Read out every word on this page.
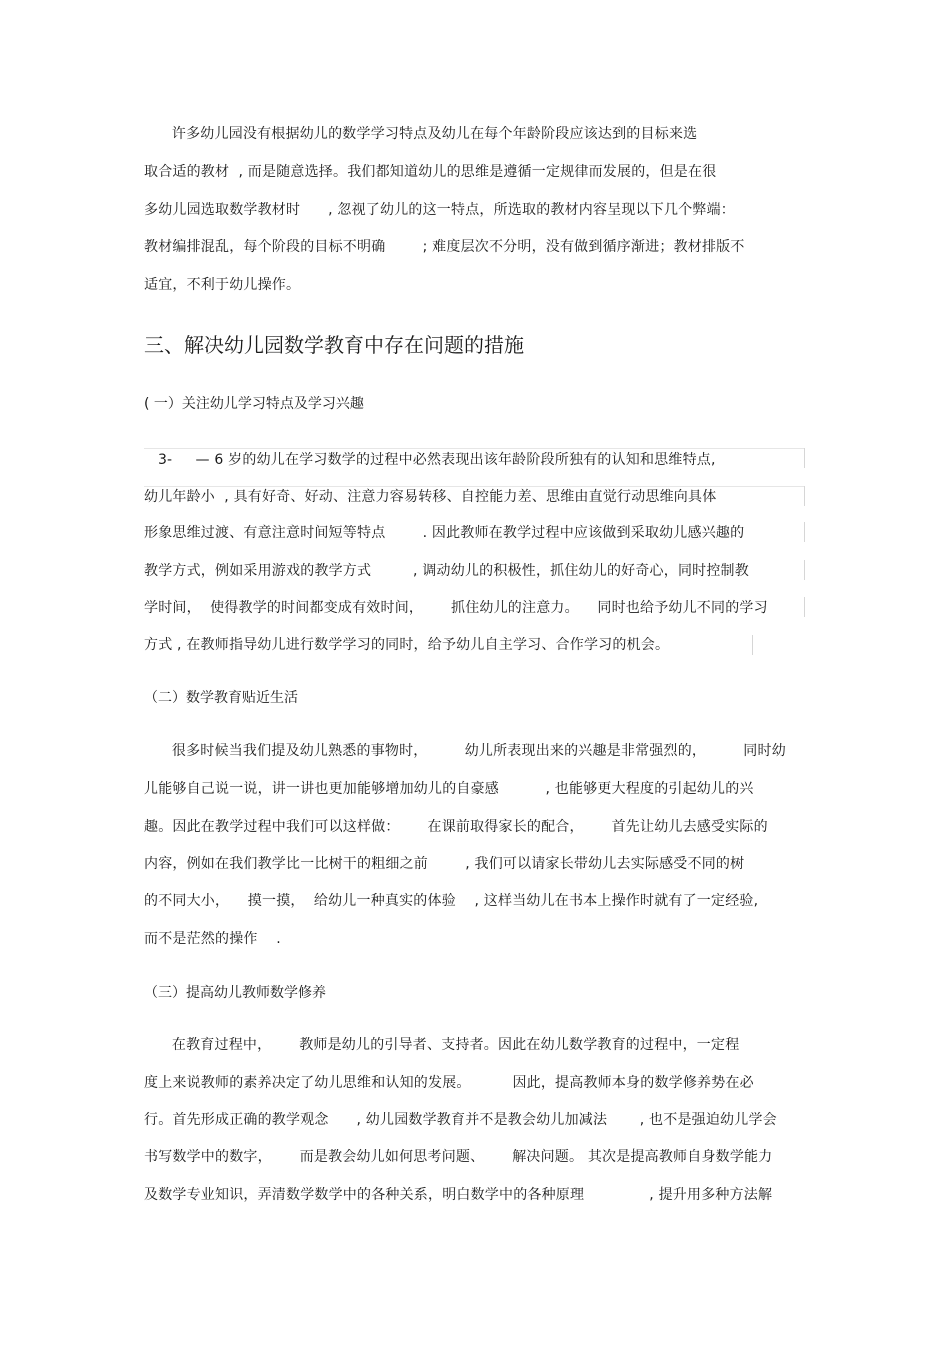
许多幼儿园没有根据幼儿的数学学习特点及幼儿在每个年龄阶段应该达到的目标来选

取合适的教材  , 而是随意选择。我们都知道幼儿的思维是遵循一定规律而发展的，但是在很

多幼儿园选取数学教材时      , 忽视了幼儿的这一特点，所选取的教材内容呈现以下几个弊端：

教材编排混乱，每个阶段的目标不明确        ; 难度层次不分明，没有做到循序渐进；教材排版不

适宜，不利于幼儿操作。

三、解决幼儿园数学教育中存在问题的措施

( 一）关注幼儿学习特点及学习兴趣

3-     — 6 岁的幼儿在学习数学的过程中必然表现出该年龄阶段所独有的认知和思维特点,

幼儿年龄小  , 具有好奇、好动、注意力容易转移、自控能力差、思维由直觉行动思维向具体

形象思维过渡、有意注意时间短等特点        . 因此教师在教学过程中应该做到采取幼儿感兴趣的

教学方式，例如采用游戏的教学方式         , 调动幼儿的积极性，抓住幼儿的好奇心，同时控制教

学时间，  使得教学的时间都变成有效时间，      抓住幼儿的注意力。    同时也给予幼儿不同的学习

方式 , 在教师指导幼儿进行数学学习的同时，给予幼儿自主学习、合作学习的机会。

（二）数学教育贴近生活

很多时候当我们提及幼儿熟悉的事物时，        幼儿所表现出来的兴趣是非常强烈的，        同时幼

儿能够自己说一说，讲一讲也更加能够增加幼儿的自豪感          , 也能够更大程度的引起幼儿的兴

趣。因此在教学过程中我们可以这样做：      在课前取得家长的配合，      首先让幼儿去感受实际的

内容，例如在我们教学比一比树干的粗细之前        , 我们可以请家长带幼儿去实际感受不同的树

的不同大小，    摸一摸，  给幼儿一种真实的体验    , 这样当幼儿在书本上操作时就有了一定经验,

而不是茫然的操作    .

（三）提高幼儿教师数学修养

在教育过程中，      教师是幼儿的引导者、支持者。因此在幼儿数学教育的过程中，一定程

度上来说教师的素养决定了幼儿思维和认知的发展。         因此，提高教师本身的数学修养势在必

行。首先形成正确的教学观念      , 幼儿园数学教育并不是教会幼儿加减法       , 也不是强迫幼儿学会

书写数学中的数字，      而是教会幼儿如何思考问题、      解决问题。 其次是提高教师自身数学能力

及数学专业知识，弄清数学数学中的各种关系，明白数学中的各种原理              , 提升用多种方法解
